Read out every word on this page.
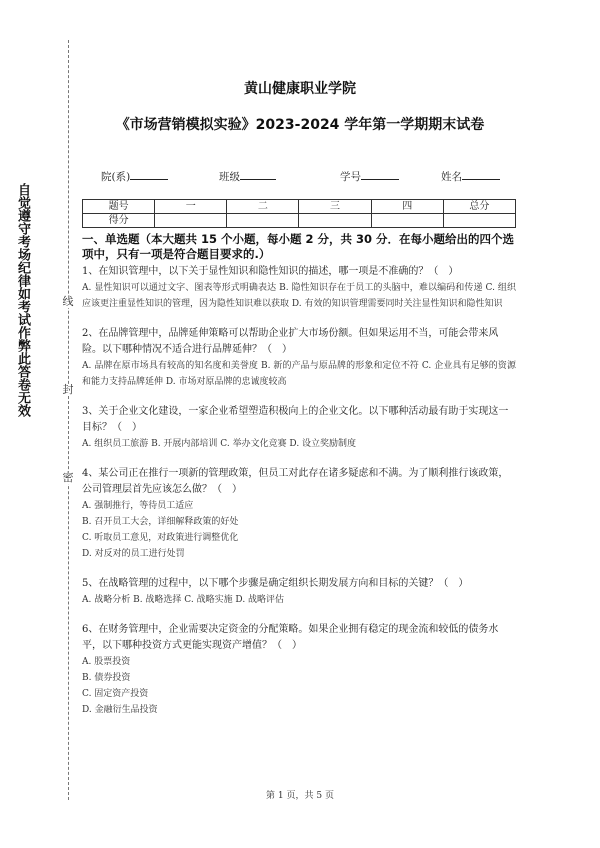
线
封
密
自觉遵守考场纪律如考试作弊此答卷无效
黄山健康职业学院
《市场营销模拟实验》2023-2024 学年第一学期期末试卷
院(系)	班级	学号	姓名
题号	一	二	三	四	总分
得分					

一、单选题（本大题共 15 个小题，每小题 2 分，共 30 分．在每小题给出的四个选项中，只有一项是符合题目要求的.）

1、在知识管理中，以下关于显性知识和隐性知识的描述，哪一项是不准确的？（　）

A. 显性知识可以通过文字、图表等形式明确表达 B. 隐性知识存在于员工的头脑中，难以编码和传递 C. 组织应该更注重显性知识的管理，因为隐性知识难以获取 D. 有效的知识管理需要同时关注显性知识和隐性知识

2、在品牌管理中，品牌延伸策略可以帮助企业扩大市场份额。但如果运用不当，可能会带来风险。以下哪种情况不适合进行品牌延伸？（　）

A. 品牌在原市场具有较高的知名度和美誉度 B. 新的产品与原品牌的形象和定位不符 C. 企业具有足够的资源和能力支持品牌延伸 D. 市场对原品牌的忠诚度较高

3、关于企业文化建设，一家企业希望塑造积极向上的企业文化。以下哪种活动最有助于实现这一目标？（　）

A. 组织员工旅游 B. 开展内部培训 C. 举办文化竞赛 D. 设立奖励制度

4、某公司正在推行一项新的管理政策，但员工对此存在诸多疑虑和不满。为了顺利推行该政策，公司管理层首先应该怎么做？（　）

A. 强制推行，等待员工适应

B. 召开员工大会，详细解释政策的好处

C. 听取员工意见，对政策进行调整优化

D. 对反对的员工进行处罚

5、在战略管理的过程中，以下哪个步骤是确定组织长期发展方向和目标的关键？（　）

A. 战略分析 B. 战略选择 C. 战略实施 D. 战略评估

6、在财务管理中，企业需要决定资金的分配策略。如果企业拥有稳定的现金流和较低的债务水平，以下哪种投资方式更能实现资产增值？（　）

A. 股票投资

B. 债券投资

C. 固定资产投资

D. 金融衍生品投资

第 1 页，共 5 页
